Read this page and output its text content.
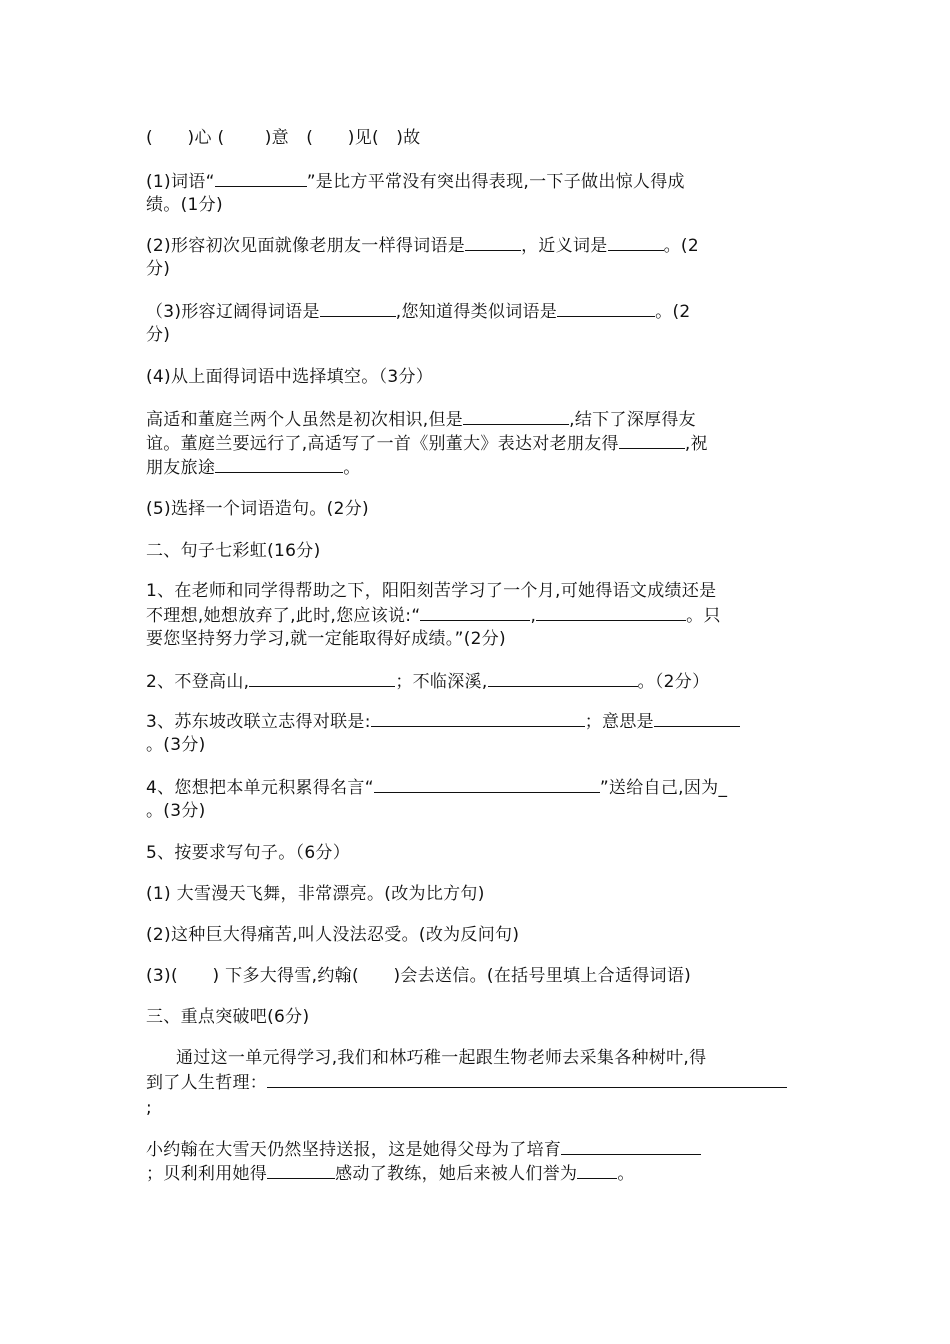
(　　)心 (　　 )意　(　　)见(　)故
(1)词语“	”是比方平常没有突出得表现,一下子做出惊人得成
绩。(1分)
(2)形容初次见面就像老朋友一样得词语是	，近义词是	。(2
分)
（3)形容辽阔得词语是	,您知道得类似词语是	。(2
分)
(4)从上面得词语中选择填空。（3分）
高适和董庭兰两个人虽然是初次相识,但是	,结下了深厚得友
谊。董庭兰要远行了,高适写了一首《别董大》表达对老朋友得	,祝
朋友旅途	。
(5)选择一个词语造句。(2分)
二、句子七彩虹(16分)
1、在老师和同学得帮助之下，阳阳刻苦学习了一个月,可她得语文成绩还是
不理想,她想放弃了,此时,您应该说:“	,	。只
要您坚持努力学习,就一定能取得好成绩。”(2分)
2、不登高山,	；不临深溪,	。（2分）
3、苏东坡改联立志得对联是:	；意思是
。(3分)
4、您想把本单元积累得名言“	”送给自己,因为_
。(3分)
5、按要求写句子。（6分）
(1) 大雪漫天飞舞，非常漂亮。(改为比方句)
(2)这种巨大得痛苦,叫人没法忍受。(改为反问句)
(3)(　　) 下多大得雪,约翰(　　)会去送信。(在括号里填上合适得词语)
三、重点突破吧(6分)
通过这一单元得学习,我们和林巧稚一起跟生物老师去采集各种树叶,得
到了人生哲理：
;
小约翰在大雪天仍然坚持送报，这是她得父母为了培育
；贝利利用她得	感动了教练，她后来被人们誉为 。
